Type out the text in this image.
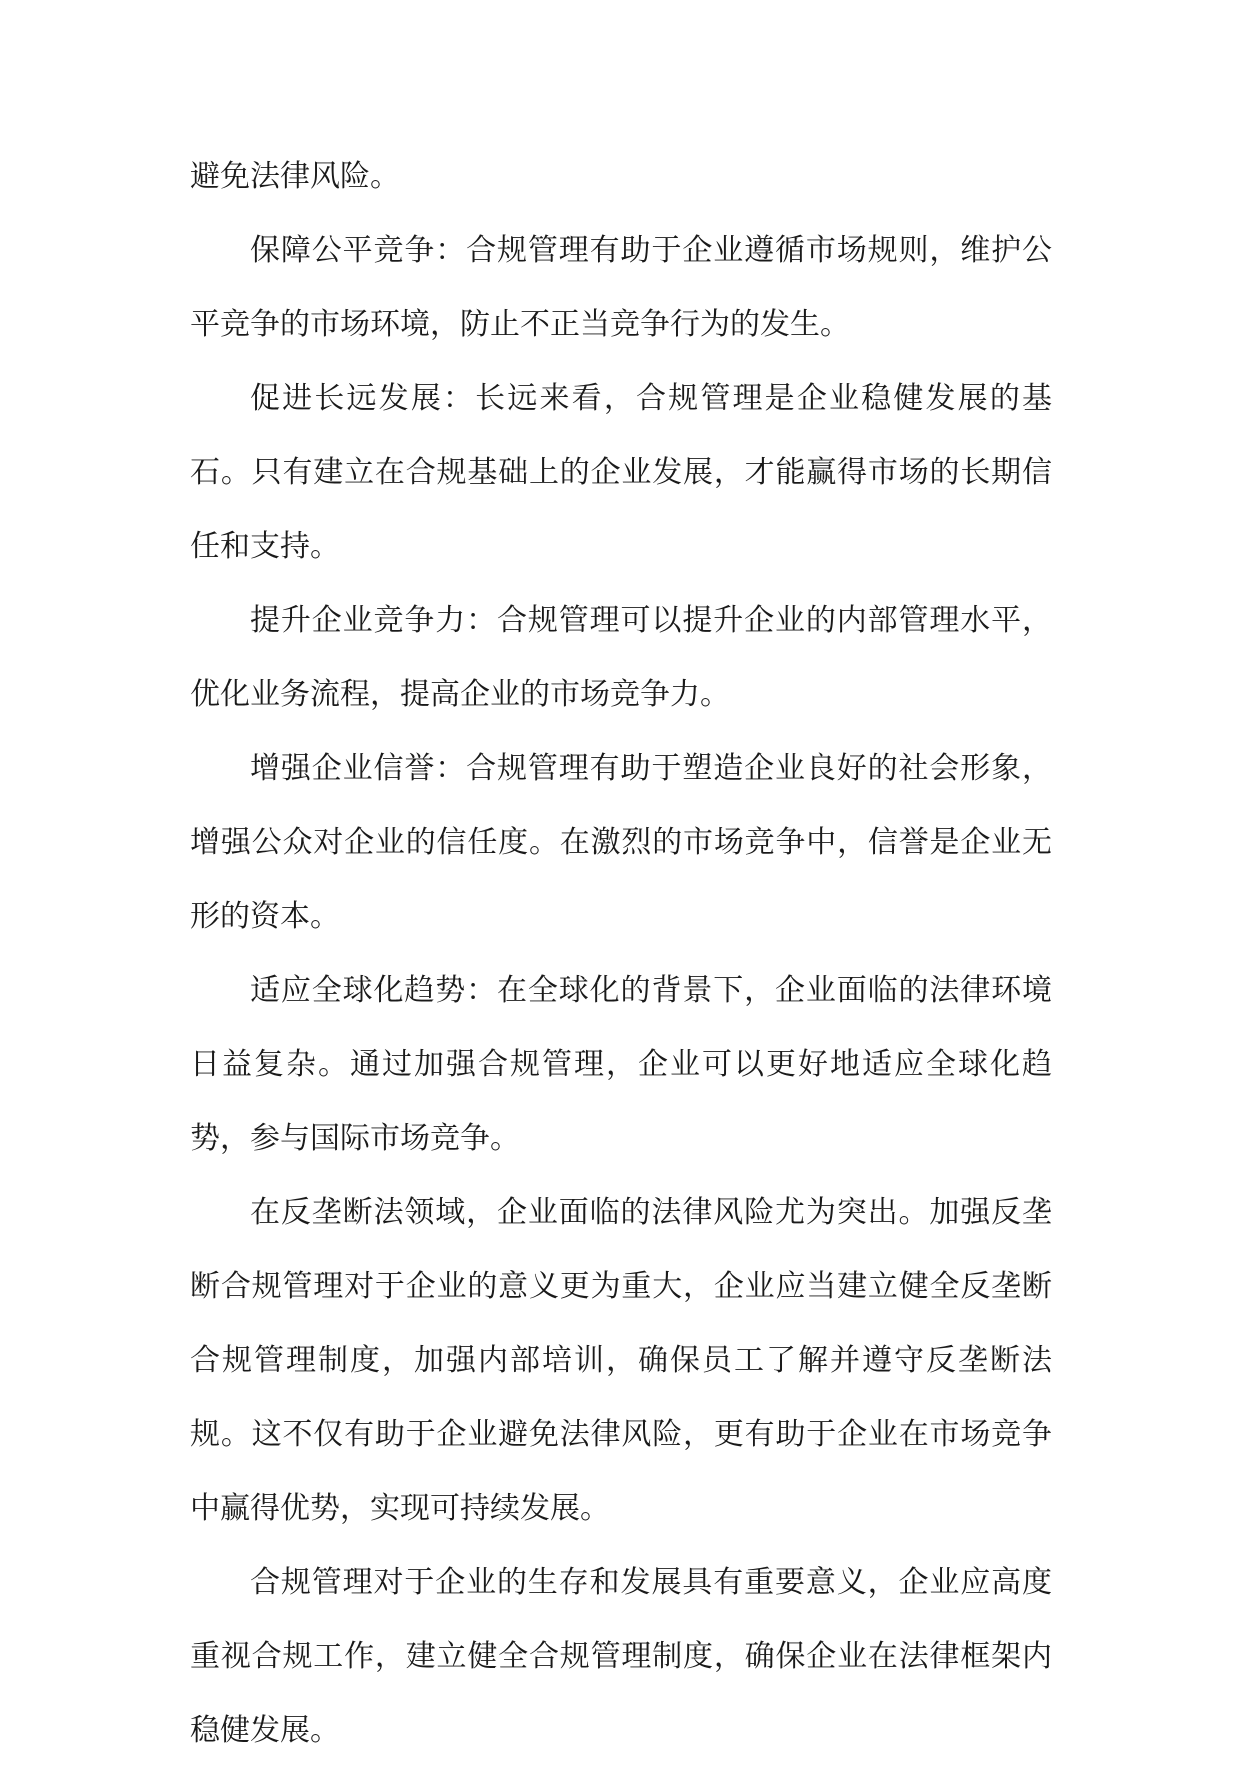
避免法律风险。

保障公平竞争：合规管理有助于企业遵循市场规则，维护公平竞争的市场环境，防止不正当竞争行为的发生。

促进长远发展：长远来看，合规管理是企业稳健发展的基石。只有建立在合规基础上的企业发展，才能赢得市场的长期信任和支持。

提升企业竞争力：合规管理可以提升企业的内部管理水平，优化业务流程，提高企业的市场竞争力。

增强企业信誉：合规管理有助于塑造企业良好的社会形象，增强公众对企业的信任度。在激烈的市场竞争中，信誉是企业无形的资本。

适应全球化趋势：在全球化的背景下，企业面临的法律环境日益复杂。通过加强合规管理，企业可以更好地适应全球化趋势，参与国际市场竞争。

在反垄断法领域，企业面临的法律风险尤为突出。加强反垄断合规管理对于企业的意义更为重大，企业应当建立健全反垄断合规管理制度，加强内部培训，确保员工了解并遵守反垄断法规。这不仅有助于企业避免法律风险，更有助于企业在市场竞争中赢得优势，实现可持续发展。

合规管理对于企业的生存和发展具有重要意义，企业应高度重视合规工作，建立健全合规管理制度，确保企业在法律框架内稳健发展。
